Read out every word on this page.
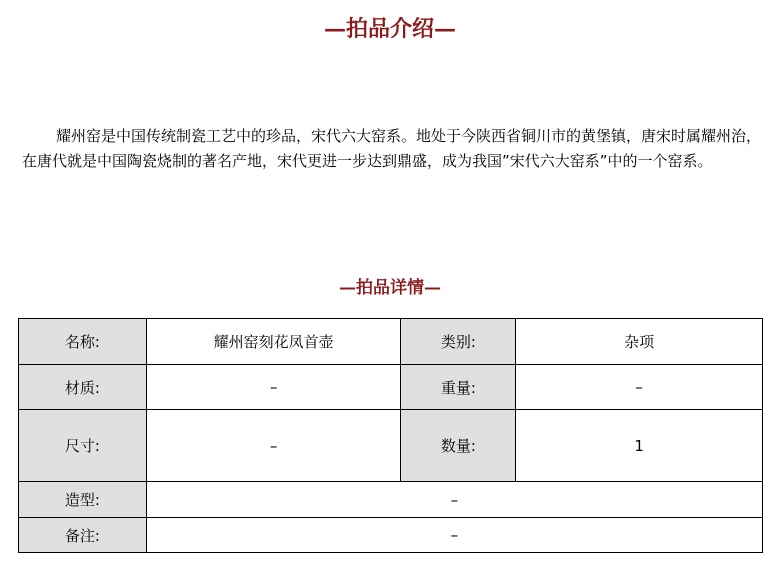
—拍品介绍—

耀州窑是中国传统制瓷工艺中的珍品，宋代六大窑系。地处于今陕西省铜川市的黄堡镇，唐宋时属耀州治，在唐代就是中国陶瓷烧制的著名产地，宋代更进一步达到鼎盛，成为我国”宋代六大窑系”中的一个窑系。

—拍品详情—
名称:	耀州窑刻花凤首壶	类别:	杂项
材质:	–	重量:	–
尺寸:	–	数量:	1
造型:	–		
备注:	–		
